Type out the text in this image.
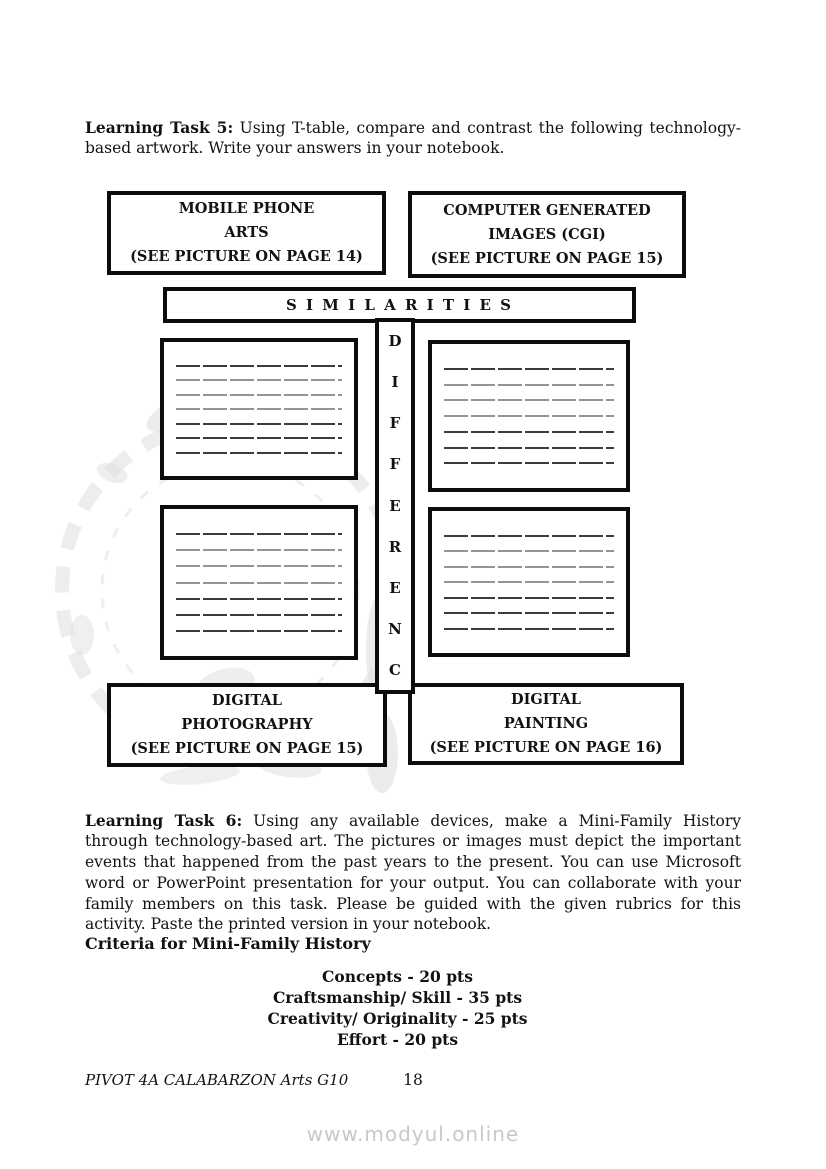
Learning Task 5: Using T-table, compare and contrast the following technology-based artwork. Write your answers in your notebook.

MOBILE PHONE
ARTS
(SEE PICTURE ON PAGE 14)
COMPUTER GENERATED
IMAGES (CGI)
(SEE PICTURE ON PAGE 15)
S I M I L A R I T I E S
D
I
F
F
E
R
E
N
C
DIGITAL
PHOTOGRAPHY
(SEE PICTURE ON PAGE 15)
DIGITAL
PAINTING
(SEE PICTURE ON PAGE 16)

Learning Task 6: Using any available devices, make a Mini-Family History through technology-based art. The pictures or images must depict the important events that happened from the past years to the present. You can use Microsoft word or PowerPoint presentation for your output. You can collaborate with your family members on this task. Please be guided with the given rubrics for this activity. Paste the printed version in your notebook.

Criteria for Mini-Family History
Concepts - 20 pts
Craftsmanship/ Skill - 35 pts
Creativity/ Originality - 25 pts
Effort - 20 pts
PIVOT 4A CALABARZON Arts G10	18
www.modyul.online
